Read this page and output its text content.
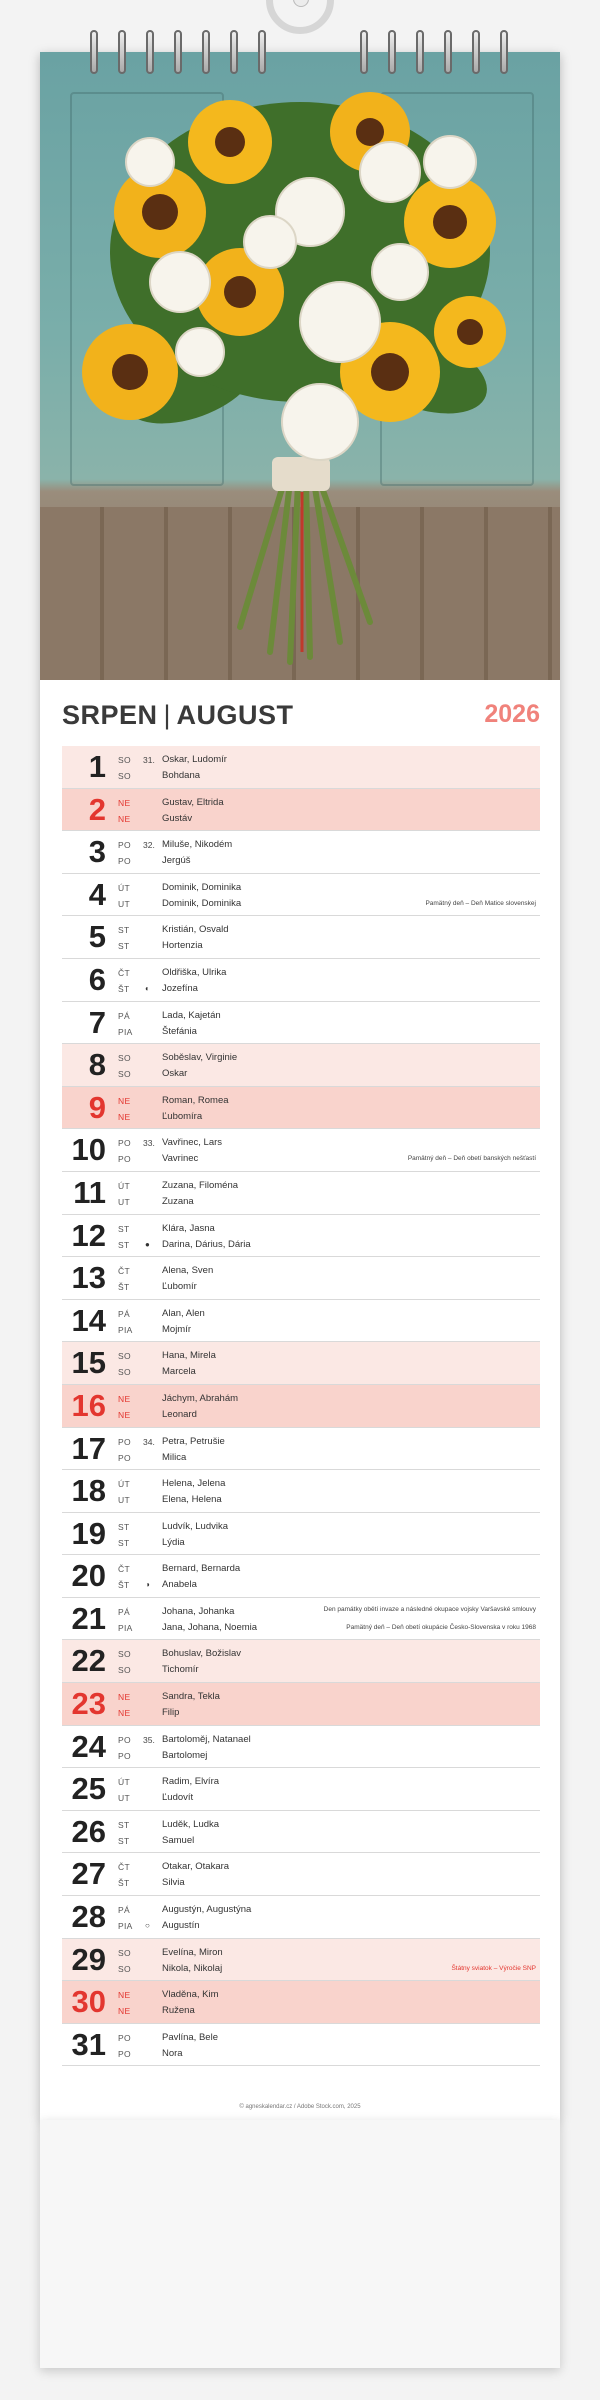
SRPEN | AUGUST	2026
1 SO
SO
31. Oskar, Ludomír
Bohdana
2 NE
NE
Gustav, Eltrida
Gustáv
3 PO
PO
32. Miluše, Nikodém
Jergúš
4 ÚT
UT
Dominik, Dominika
Dominik, Dominika	Pamätný deň – Deň Matice slovenskej
5 ST
ST
Kristián, Osvald
Hortenzia
6 ČT
ŠT ◐
Oldřiška, Ulrika
Jozefína
7 PÁ
PIA
Lada, Kajetán
Štefánia
8 SO
SO
Soběslav, Virginie
Oskar
9 NE
NE
Roman, Romea
Ľubomíra
10 PO
PO
33. Vavřinec, Lars
Vavrinec	Pamätný deň – Deň obetí banských nešťastí
11 ÚT
UT
Zuzana, Filoména
Zuzana
12 ST
ST ●
Klára, Jasna
Darina, Dárius, Dária
13 ČT
ŠT
Alena, Sven
Ľubomír
14 PÁ
PIA
Alan, Alen
Mojmír
15 SO
SO
Hana, Mirela
Marcela
16 NE
NE
Jáchym, Abrahám
Leonard
17 PO
PO
34. Petra, Petrušie
Milica
18 ÚT
UT
Helena, Jelena
Elena, Helena
19 ST
ST
Ludvík, Ludvika
Lýdia
20 ČT
ŠT ◑
Bernard, Bernarda
Anabela
21 PÁ
PIA
Johana, Johanka
Jana, Johana, Noemia
Den památky obětí invaze a následné okupace vojsky Varšavské smlouvy
Pamätný deň – Deň obetí okupácie Česko-Slovenska v roku 1968
22 SO
SO
Bohuslav, Božislav
Tichomír
23 NE
NE
Sandra, Tekla
Filip
24 PO
PO
35. Bartoloměj, Natanael
Bartolomej
25 ÚT
UT
Radim, Elvíra
Ľudovít
26 ST
ST
Luděk, Ludka
Samuel
27 ČT
ŠT
Otakar, Otakara
Silvia
28 PÁ
PIA ○
Augustýn, Augustýna
Augustín
29 SO
SO
Evelína, Miron
Nikola, Nikolaj	Štátny sviatok – Výročie SNP
30 NE
NE
Vladěna, Kim
Ružena
31 PO
PO
Pavlína, Bele
Nora
© agneskalendar.cz / Adobe Stock.com, 2025
